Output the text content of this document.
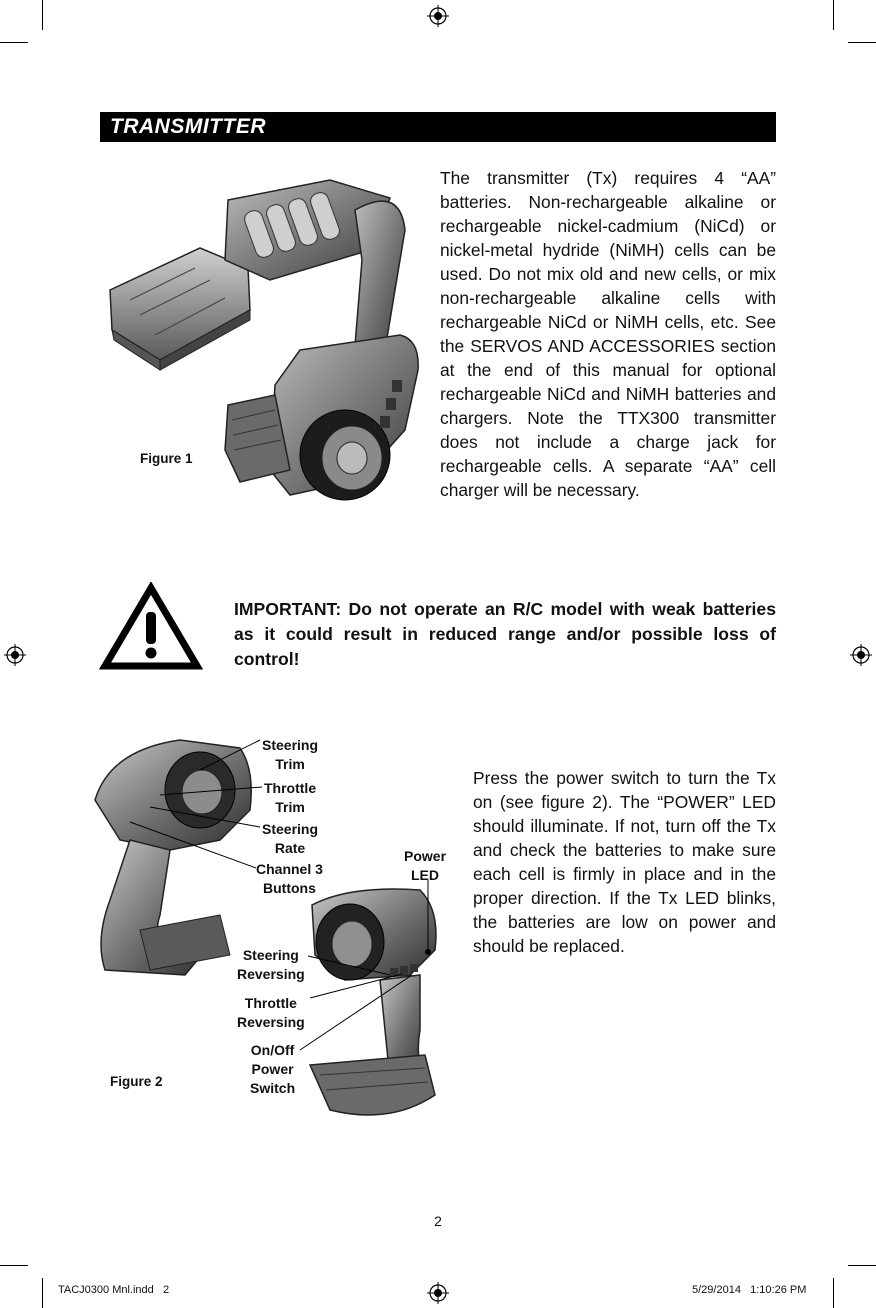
TRANSMITTER
Figure 1
The transmitter (Tx) requires 4 “AA” batteries. Non-rechargeable alkaline or rechargeable nickel-cadmium (NiCd) or nickel-metal hydride (NiMH) cells can be used. Do not mix old and new cells, or mix non-rechargeable alkaline cells with rechargeable NiCd or NiMH cells, etc. See the SERVOS AND ACCESSORIES section at the end of this manual for optional rechargeable NiCd and NiMH batteries and chargers. Note the TTX300 transmitter does not include a charge jack for rechargeable cells. A separate “AA” cell charger will be necessary.
IMPORTANT: Do not operate an R/C model with weak batteries as it could result in reduced range and/or possible loss of control!
Steering
Trim
Throttle
Trim
Steering
Rate
Channel 3
Buttons
Power
LED
Steering
Reversing
Throttle
Reversing
On/Off
Power
Switch
Figure 2
Press the power switch to turn the Tx on (see figure 2). The “POWER” LED should illuminate. If not, turn off the Tx and check the batteries to make sure each cell is firmly in place and in the proper direction. If the Tx LED blinks, the batteries are low on power and should be replaced.
2
TACJ0300 Mnl.indd   2	5/29/2014   1:10:26 PM
